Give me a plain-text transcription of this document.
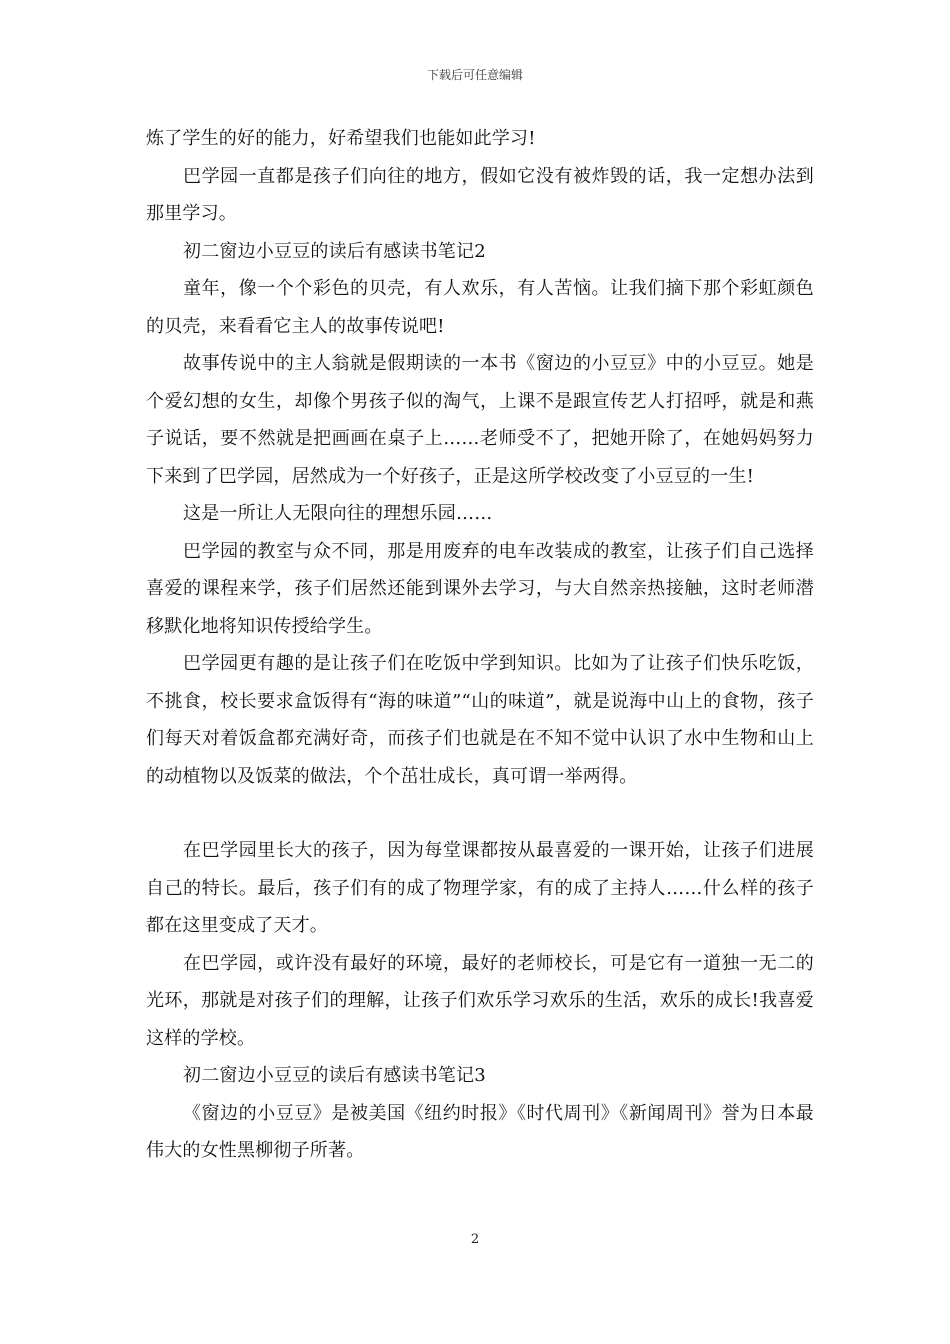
下载后可任意编辑

炼了学生的好的能力，好希望我们也能如此学习!

巴学园一直都是孩子们向往的地方，假如它没有被炸毁的话，我一定想办法到那里学习。

初二窗边小豆豆的读后有感读书笔记2

童年，像一个个彩色的贝壳，有人欢乐，有人苦恼。让我们摘下那个彩虹颜色的贝壳，来看看它主人的故事传说吧!

故事传说中的主人翁就是假期读的一本书《窗边的小豆豆》中的小豆豆。她是个爱幻想的女生，却像个男孩子似的淘气，上课不是跟宣传艺人打招呼，就是和燕子说话，要不然就是把画画在桌子上……老师受不了，把她开除了，在她妈妈努力下来到了巴学园，居然成为一个好孩子，正是这所学校改变了小豆豆的一生!

这是一所让人无限向往的理想乐园……

巴学园的教室与众不同，那是用废弃的电车改装成的教室，让孩子们自己选择喜爱的课程来学，孩子们居然还能到课外去学习，与大自然亲热接触，这时老师潜移默化地将知识传授给学生。

巴学园更有趣的是让孩子们在吃饭中学到知识。比如为了让孩子们快乐吃饭，不挑食，校长要求盒饭得有“海的味道”“山的味道”，就是说海中山上的食物，孩子们每天对着饭盒都充满好奇，而孩子们也就是在不知不觉中认识了水中生物和山上的动植物以及饭菜的做法，个个茁壮成长，真可谓一举两得。

在巴学园里长大的孩子，因为每堂课都按从最喜爱的一课开始，让孩子们进展自己的特长。最后，孩子们有的成了物理学家，有的成了主持人……什么样的孩子都在这里变成了天才。

在巴学园，或许没有最好的环境，最好的老师校长，可是它有一道独一无二的光环，那就是对孩子们的理解，让孩子们欢乐学习欢乐的生活，欢乐的成长!我喜爱这样的学校。

初二窗边小豆豆的读后有感读书笔记3

《窗边的小豆豆》是被美国《纽约时报》《时代周刊》《新闻周刊》誉为日本最伟大的女性黑柳彻子所著。

2
